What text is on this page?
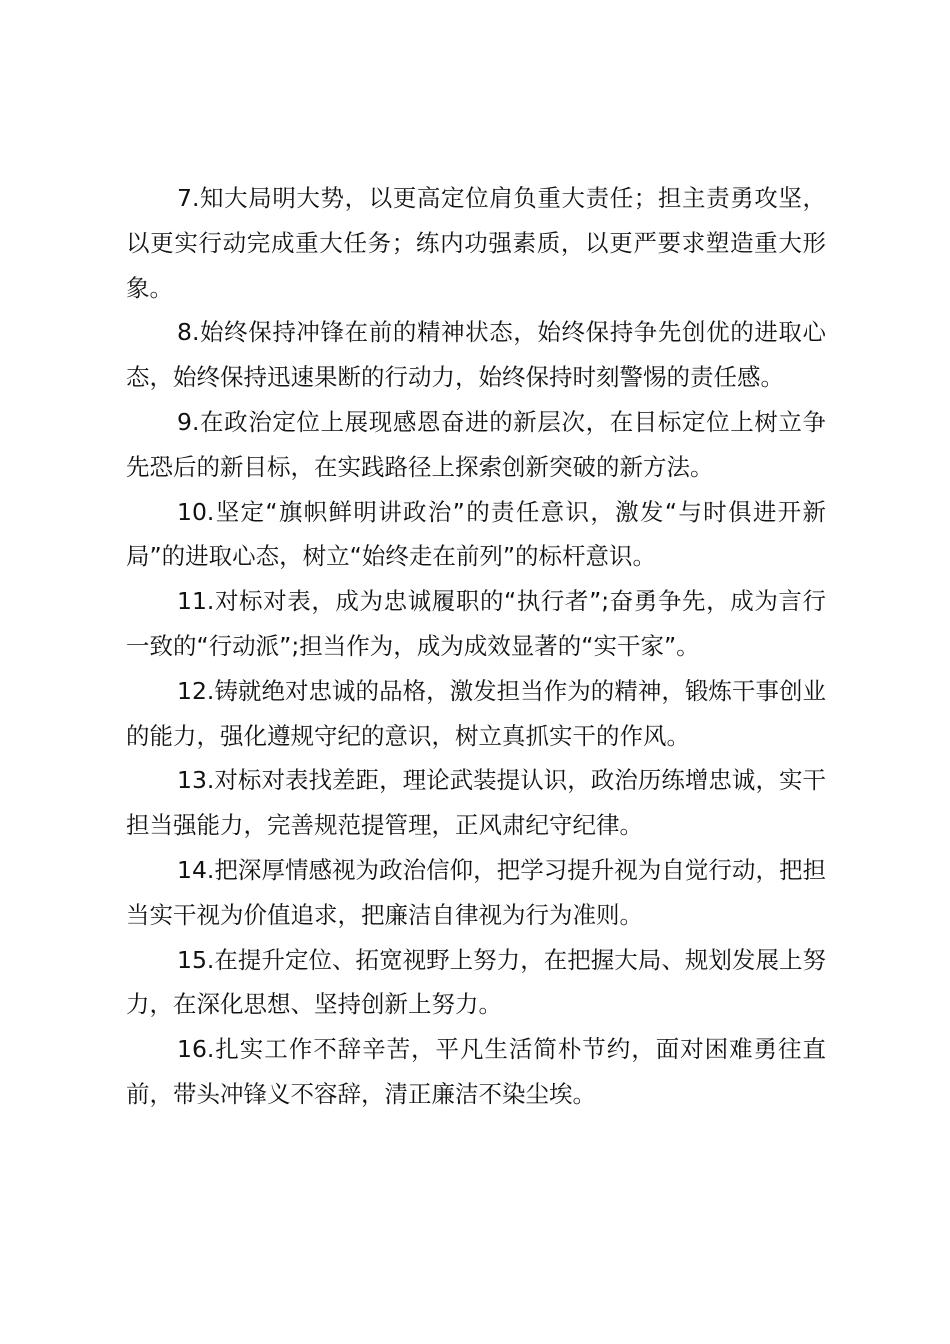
7.知大局明大势，以更高定位肩负重大责任；担主责勇攻坚，以更实行动完成重大任务；练内功强素质，以更严要求塑造重大形象。

8.始终保持冲锋在前的精神状态，始终保持争先创优的进取心态，始终保持迅速果断的行动力，始终保持时刻警惕的责任感。

9.在政治定位上展现感恩奋进的新层次，在目标定位上树立争先恐后的新目标，在实践路径上探索创新突破的新方法。

10.坚定“旗帜鲜明讲政治”的责任意识，激发“与时俱进开新局”的进取心态，树立“始终走在前列”的标杆意识。

11.对标对表，成为忠诚履职的“执行者”;奋勇争先，成为言行一致的“行动派”;担当作为，成为成效显著的“实干家”。

12.铸就绝对忠诚的品格，激发担当作为的精神，锻炼干事创业的能力，强化遵规守纪的意识，树立真抓实干的作风。

13.对标对表找差距，理论武装提认识，政治历练增忠诚，实干担当强能力，完善规范提管理，正风肃纪守纪律。

14.把深厚情感视为政治信仰，把学习提升视为自觉行动，把担当实干视为价值追求，把廉洁自律视为行为准则。

15.在提升定位、拓宽视野上努力，在把握大局、规划发展上努力，在深化思想、坚持创新上努力。

16.扎实工作不辞辛苦，平凡生活简朴节约，面对困难勇往直前，带头冲锋义不容辞，清正廉洁不染尘埃。
